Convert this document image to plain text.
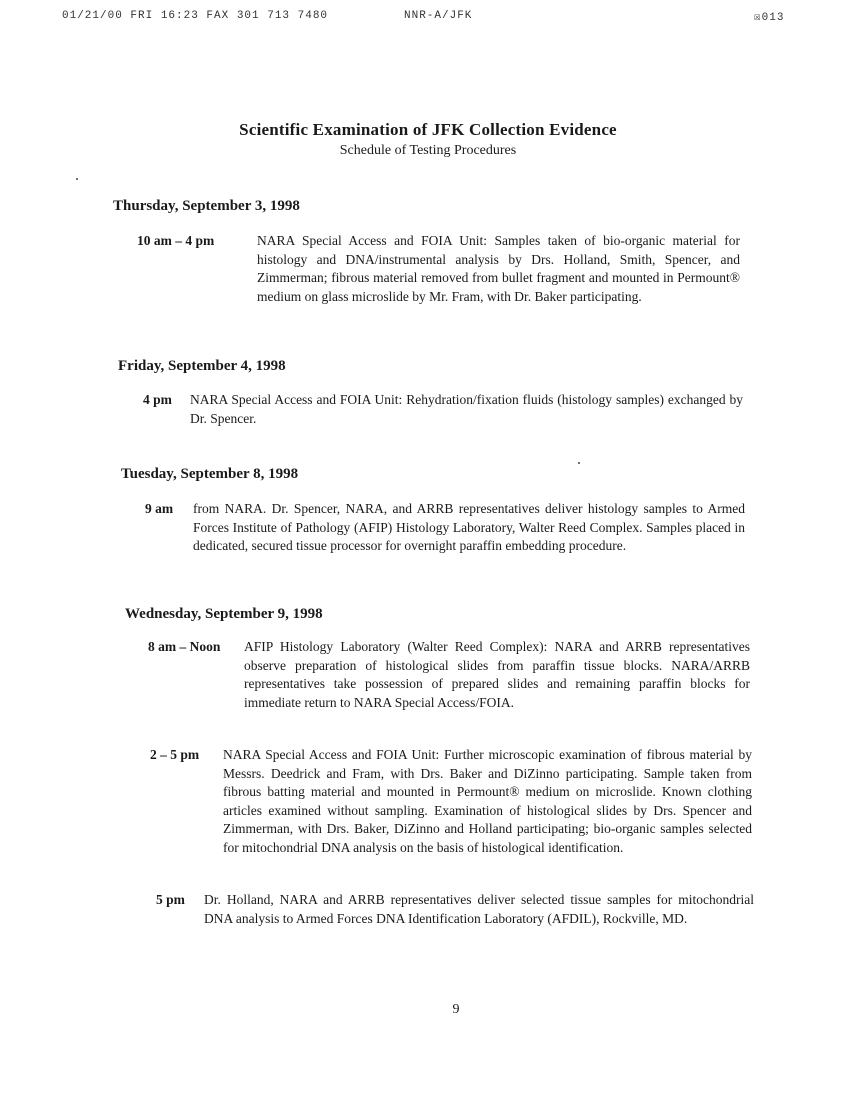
01/21/00 FRI 16:23 FAX 301 713 7480	NNR-A/JFK	☒013
Scientific Examination of JFK Collection Evidence
Schedule of Testing Procedures
Thursday, September 3, 1998
10 am – 4 pm	NARA Special Access and FOIA Unit: Samples taken of bio-organic material for histology and DNA/instrumental analysis by Drs. Holland, Smith, Spencer, and Zimmerman; fibrous material removed from bullet fragment and mounted in Permount® medium on glass microslide by Mr. Fram, with Dr. Baker participating.
Friday, September 4, 1998
4 pm NARA Special Access and FOIA Unit: Rehydration/fixation fluids (histology samples) exchanged by Dr. Spencer.
Tuesday, September 8, 1998
9 am from NARA. Dr. Spencer, NARA, and ARRB representatives deliver histology samples to Armed Forces Institute of Pathology (AFIP) Histology Laboratory, Walter Reed Complex. Samples placed in dedicated, secured tissue processor for overnight paraffin embedding procedure.
Wednesday, September 9, 1998
8 am – Noon AFIP Histology Laboratory (Walter Reed Complex): NARA and ARRB representatives observe preparation of histological slides from paraffin tissue blocks. NARA/ARRB representatives take possession of prepared slides and remaining paraffin blocks for immediate return to NARA Special Access/FOIA.
2 – 5 pm NARA Special Access and FOIA Unit: Further microscopic examination of fibrous material by Messrs. Deedrick and Fram, with Drs. Baker and DiZinno participating. Sample taken from fibrous batting material and mounted in Permount® medium on microslide. Known clothing articles examined without sampling. Examination of histological slides by Drs. Spencer and Zimmerman, with Drs. Baker, DiZinno and Holland participating; bio-organic samples selected for mitochondrial DNA analysis on the basis of histological identification.
5 pm Dr. Holland, NARA and ARRB representatives deliver selected tissue samples for mitochondrial DNA analysis to Armed Forces DNA Identification Laboratory (AFDIL), Rockville, MD.
9
